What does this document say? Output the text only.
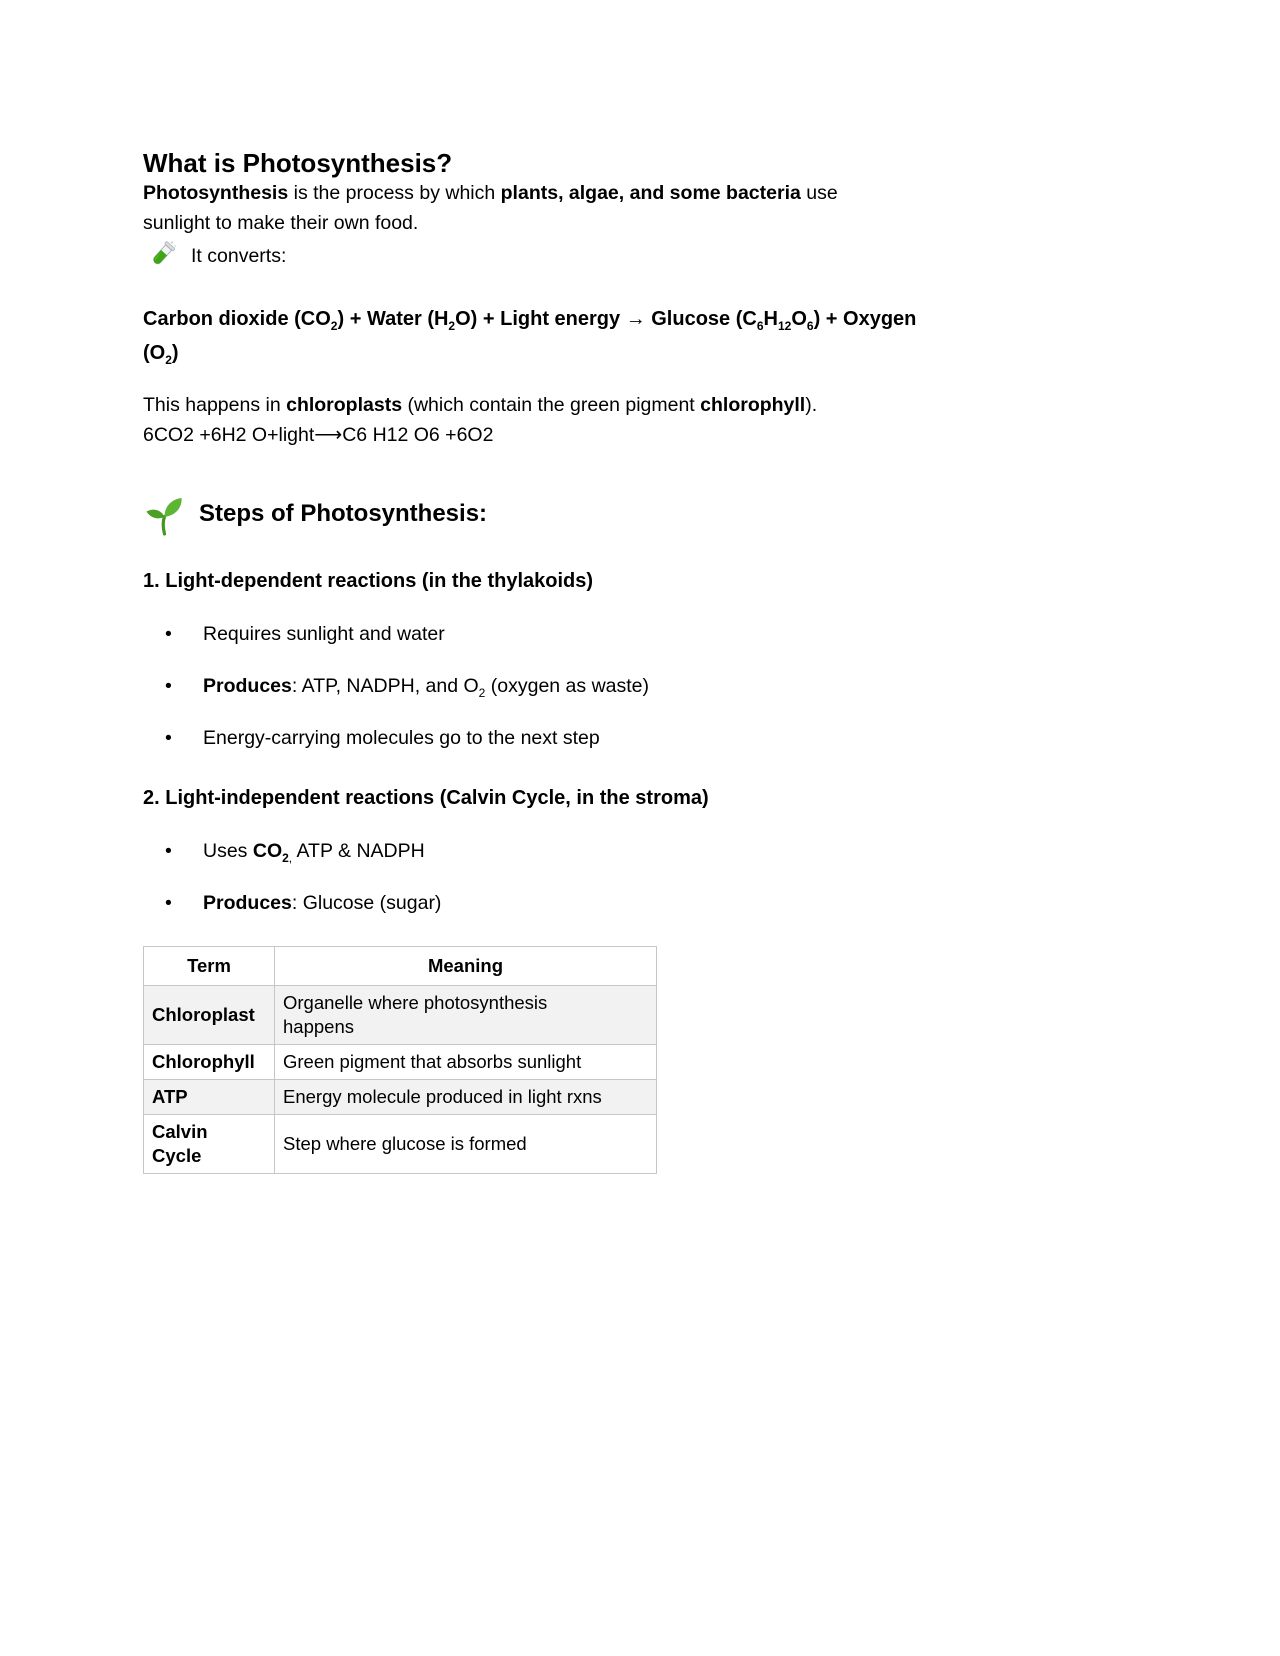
What is Photosynthesis?

Photosynthesis is the process by which plants, algae, and some bacteria use
sunlight to make their own food.

It converts:

Carbon dioxide $(CO_2)$ + Water $(H_2O)$ + Light energy → Glucose $(C_6H_{12}O_6)$ + Oxygen
$(O_2)$

This happens in chloroplasts (which contain the green pigment chlorophyll).

6CO2 +6H2 O+light⟶C6 H12 O6 +6O2

Steps of Photosynthesis:
1. Light-dependent reactions (in the thylakoids)
• Requires sunlight and water
• Produces: ATP, NADPH, and $O_2$ (oxygen as waste)
• Energy-carrying molecules go to the next step
2. Light-independent reactions (Calvin Cycle, in the stroma)
• Uses $CO_{2,}$ ATP & NADPH
• Produces: Glucose (sugar)
Term	Meaning
Chloroplast	Organelle where photosynthesis
happens
Chlorophyll	Green pigment that absorbs sunlight
ATP	Energy molecule produced in light rxns
Calvin
Cycle	Step where glucose is formed
